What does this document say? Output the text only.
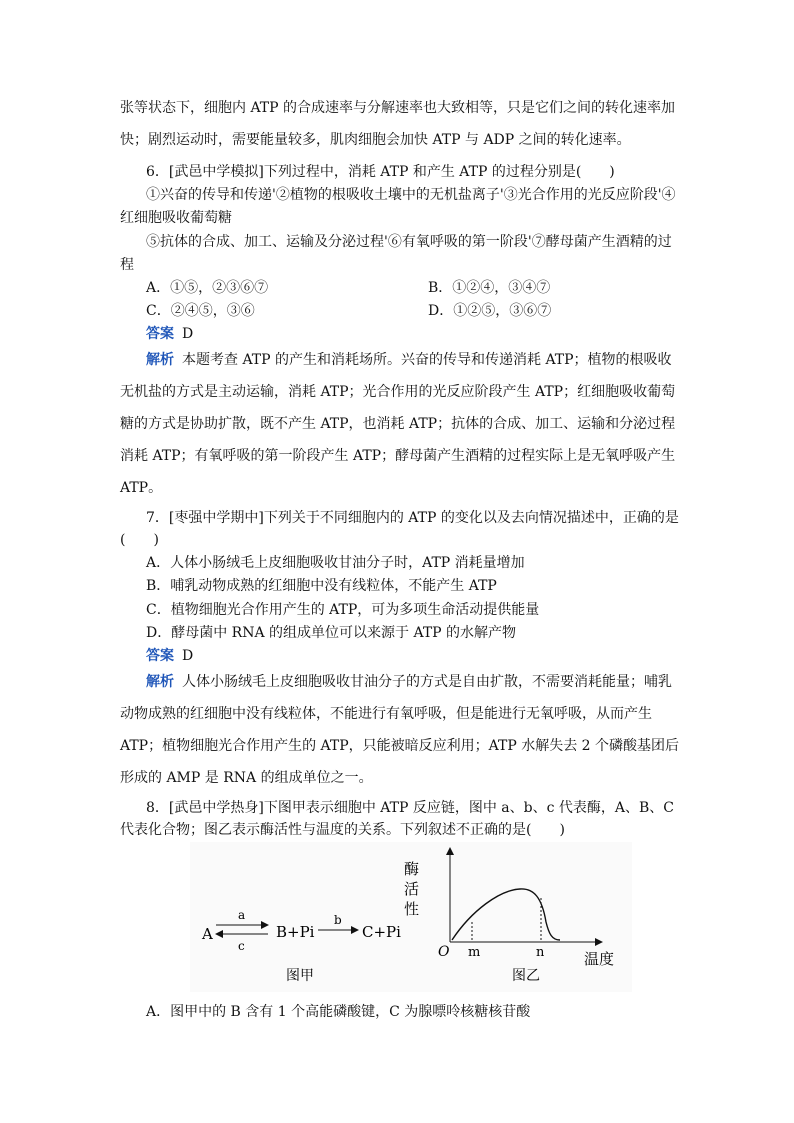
张等状态下，细胞内 ATP 的合成速率与分解速率也大致相等，只是它们之间的转化速率加
快；剧烈运动时，需要能量较多，肌肉细胞会加快 ATP 与 ADP 之间的转化速率。
6．[武邑中学模拟]下列过程中，消耗 ATP 和产生 ATP 的过程分别是(　　)
①兴奋的传导和传递'②植物的根吸收土壤中的无机盐离子'③光合作用的光反应阶段'④
红细胞吸收葡萄糖
⑤抗体的合成、加工、运输及分泌过程'⑥有氧呼吸的第一阶段'⑦酵母菌产生酒精的过
程
A．①⑤，②③⑥⑦	B．①②④，③④⑦
C．②④⑤，③⑥	D．①②⑤，③⑥⑦
答案 D
解析 本题考查 ATP 的产生和消耗场所。兴奋的传导和传递消耗 ATP；植物的根吸收
无机盐的方式是主动运输，消耗 ATP；光合作用的光反应阶段产生 ATP；红细胞吸收葡萄
糖的方式是协助扩散，既不产生 ATP，也消耗 ATP；抗体的合成、加工、运输和分泌过程
消耗 ATP；有氧呼吸的第一阶段产生 ATP；酵母菌产生酒精的过程实际上是无氧呼吸产生
ATP。
7．[枣强中学期中]下列关于不同细胞内的 ATP 的变化以及去向情况描述中，正确的是
(　　)
A．人体小肠绒毛上皮细胞吸收甘油分子时，ATP 消耗量增加
B．哺乳动物成熟的红细胞中没有线粒体，不能产生 ATP
C．植物细胞光合作用产生的 ATP，可为多项生命活动提供能量
D．酵母菌中 RNA 的组成单位可以来源于 ATP 的水解产物
答案 D
解析 人体小肠绒毛上皮细胞吸收甘油分子的方式是自由扩散，不需要消耗能量；哺乳
动物成熟的红细胞中没有线粒体，不能进行有氧呼吸，但是能进行无氧呼吸，从而产生
ATP；植物细胞光合作用产生的 ATP，只能被暗反应利用；ATP 水解失去 2 个磷酸基团后
形成的 AMP 是 RNA 的组成单位之一。
8．[武邑中学热身]下图甲表示细胞中 ATP 反应链，图中 a、b、c 代表酶，A、B、C
代表化合物；图乙表示酶活性与温度的关系。下列叙述不正确的是(　　)
A
a
c
B+Pi
b
C+Pi
图甲
酶
活
性
O m	n	温度
图乙
A．图甲中的 B 含有 1 个高能磷酸键，C 为腺嘌呤核糖核苷酸
